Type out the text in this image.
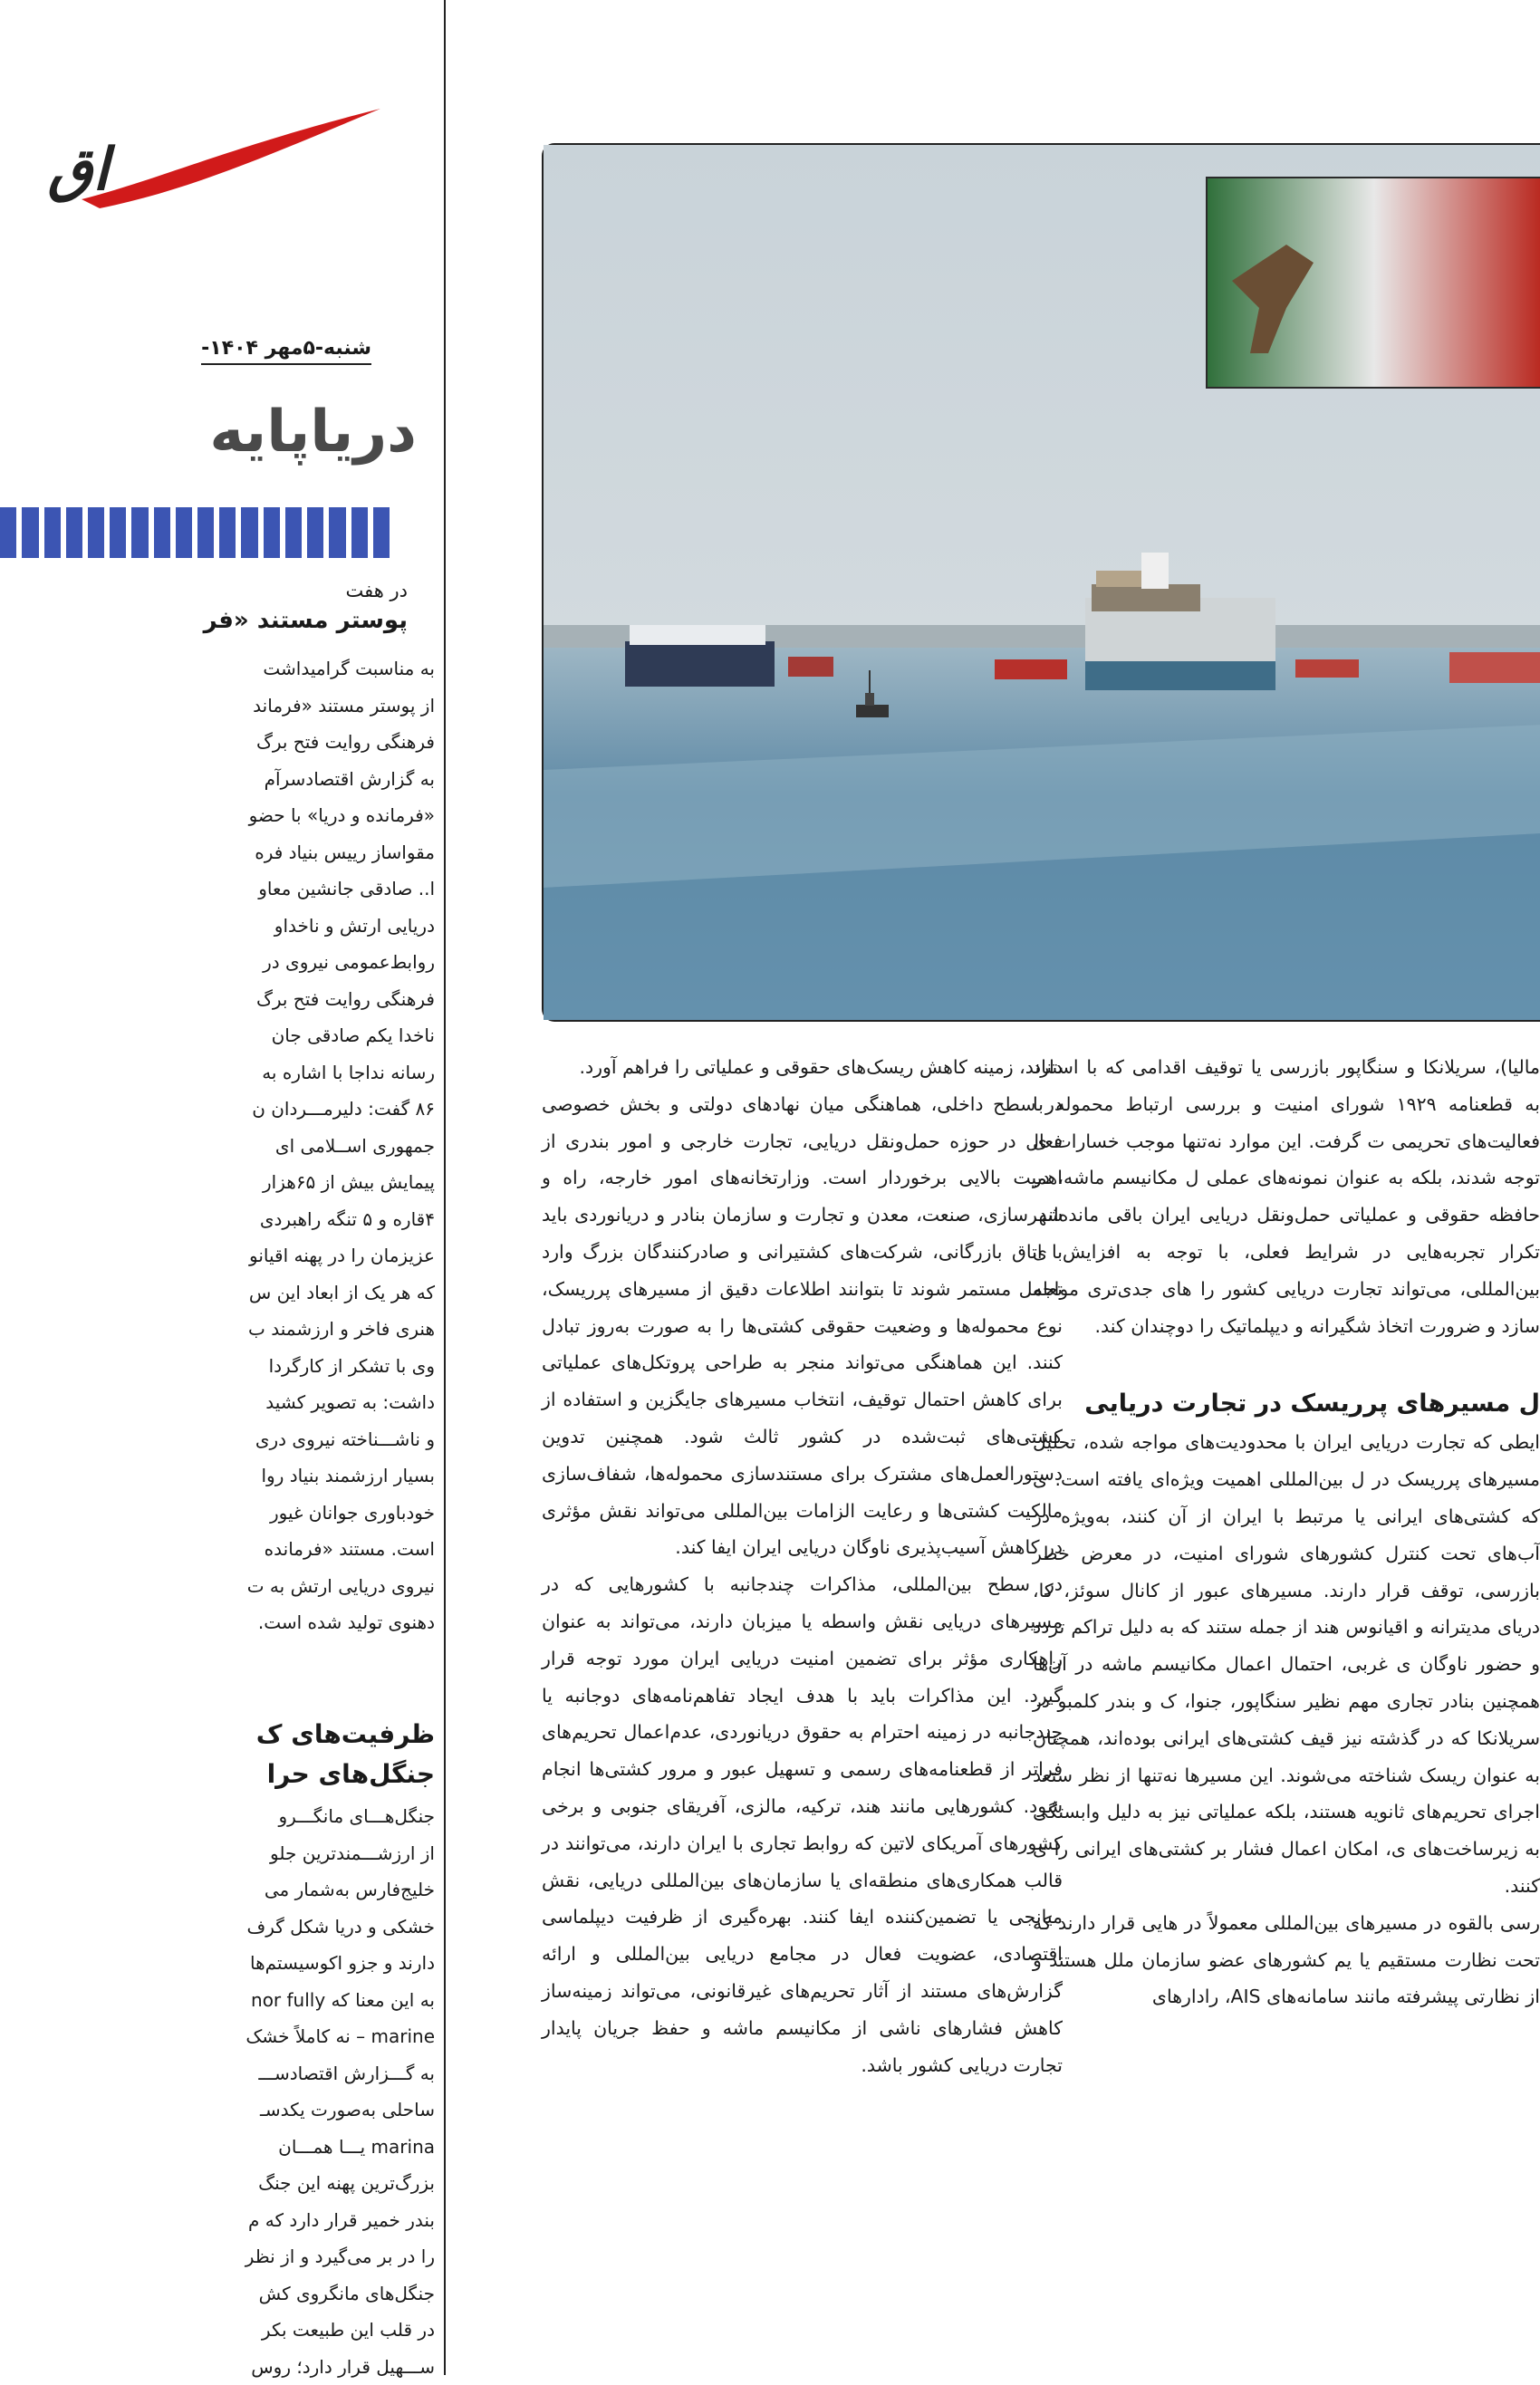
اق
شنبه-۵مهر ۱۴۰۴-
دریاپایه
در هفت
پوستر مستند «فر

به مناسبت گرامیداشت

از پوستر مستند «فرماند

فرهنگی روایت فتح برگ

به گزارش اقتصادسرآم

«فرمانده و دریا» با حضو

مقواساز رییس بنیاد فره

ا.. صادقی جانشین معاو

دریایی ارتش و ناخداو

روابط‌عمومی نیروی در

فرهنگی روایت فتح برگ

ناخدا یکم صادقی جان

رسانه نداجا با اشاره به

۸۶ گفت: دلیرمـــردان ن

جمهوری اســلامی ای

پیمایش بیش از ۶۵هزار

۴قاره و ۵ تنگه راهبردی

عزیزمان را در پهنه اقیانو

که هر یک از ابعاد این س

هنری فاخر و ارزشمند ب

وی با تشکر از کارگردا

داشت: به تصویر کشید

و ناشـــناخته نیروی دری

بسیار ارزشمند بنیاد روا

خودباوری جوانان غیور

است. مستند «فرمانده

نیروی دریایی ارتش به ت

دهنوی تولید شده است.

ظرفیت‌های ک
جنگل‌های حرا

جنگل‌هـــای مانگـــرو

از ارزشـــمندترین جلو

خلیج‌فارس به‌شمار می

خشکی و دریا شکل گرف

دارند و جزو اکوسیستم‌ها

به این معنا که nor fully

marine – نه کاملاً خشک

به گـــزارش اقتصادســـ

ساحلی به‌صورت یکدسـ

marina یـــا همـــان

بزرگ‌ترین پهنه این جنگ

بندر خمیر قرار دارد که م

را در بر می‌گیرد و از نظر

جنگل‌های مانگروی کش

در قلب این طبیعت بکر

ســـهیل قرار دارد؛ روس

دارند، زمینه کاهش ریسک‌های حقوقی و عملیاتی را فراهم آورد.

در سطح داخلی، هماهنگی میان نهادهای دولتی و بخش خصوصی فعال در حوزه حمل‌ونقل دریایی، تجارت خارجی و امور بندری از اهمیت بالایی برخوردار است. وزارتخانه‌های امور خارجه، راه و شهرسازی، صنعت، معدن و تجارت و سازمان بنادر و دریانوردی باید با اتاق بازرگانی، شرکت‌های کشتیرانی و صادرکنندگان بزرگ وارد تعامل مستمر شوند تا بتوانند اطلاعات دقیق از مسیرهای پرریسک، نوع محموله‌ها و وضعیت حقوقی کشتی‌ها را به صورت به‌روز تبادل کنند. این هماهنگی می‌تواند منجر به طراحی پروتکل‌های عملیاتی برای کاهش احتمال توقیف، انتخاب مسیرهای جایگزین و استفاده از کشتی‌های ثبت‌شده در کشور ثالث شود. همچنین تدوین دستورالعمل‌های مشترک برای مستندسازی محموله‌ها، شفاف‌سازی مالکیت کشتی‌ها و رعایت الزامات بین‌المللی می‌تواند نقش مؤثری در کاهش آسیب‌پذیری ناوگان دریایی ایران ایفا کند.

در سطح بین‌المللی، مذاکرات چندجانبه با کشورهایی که در مسیرهای دریایی نقش واسطه یا میزبان دارند، می‌تواند به عنوان راهکاری مؤثر برای تضمین امنیت دریایی ایران مورد توجه قرار گیرد. این مذاکرات باید با هدف ایجاد تفاهم‌نامه‌های دوجانبه یا چندجانبه در زمینه احترام به حقوق دریانوردی، عدم‌اعمال تحریم‌های فراتر از قطعنامه‌های رسمی و تسهیل عبور و مرور کشتی‌ها انجام شود. کشورهایی مانند هند، ترکیه، مالزی، آفریقای جنوبی و برخی کشورهای آمریکای لاتین که روابط تجاری با ایران دارند، می‌توانند در قالب همکاری‌های منطقه‌ای یا سازمان‌های بین‌المللی دریایی، نقش میانجی یا تضمین‌کننده ایفا کنند. بهره‌گیری از ظرفیت دیپلماسی اقتصادی، عضویت فعال در مجامع دریایی بین‌المللی و ارائه گزارش‌های مستند از آثار تحریم‌های غیرقانونی، می‌تواند زمینه‌ساز کاهش فشارهای ناشی از مکانیسم ماشه و حفظ جریان پایدار تجارت دریایی کشور باشد.

مالیا)، سریلانکا و سنگاپور بازرسی یا توقیف اقدامی که با استناد به قطعنامه ۱۹۲۹ شورای امنیت و بررسی ارتباط محموله با فعالیت‌های تحریمی ت گرفت. این موارد نه‌تنها موجب خسارات ی توجه شدند، بلکه به عنوان نمونه‌های عملی ل مکانیسم ماشه، در حافظه حقوقی و عملیاتی حمل‌ونقل دریایی ایران باقی مانده‌اند. تکرار تجربه‌هایی در شرایط فعلی، با توجه به افزایش ی بین‌المللی، می‌تواند تجارت دریایی کشور را های جدی‌تری مواجه سازد و ضرورت اتخاذ شگیرانه و دیپلماتیک را دوچندان کند.

ل مسیرهای پرریسک در تجارت دریایی

ایطی که تجارت دریایی ایران با محدودیت‌های مواجه شده، تحلیل مسیرهای پرریسک در ل بین‌المللی اهمیت ویژه‌ای یافته است. ی که کشتی‌های ایرانی یا مرتبط با ایران از آن کنند، به‌ویژه در آب‌های تحت کنترل کشورهای شورای امنیت، در معرض خطر بازرسی، توقف قرار دارند. مسیرهای عبور از کانال سوئز، کا، دریای مدیترانه و اقیانوس هند از جمله ستند که به دلیل تراکم تردد و حضور ناوگان ی غربی، احتمال اعمال مکانیسم ماشه در آن‌ها همچنین بنادر تجاری مهم نظیر سنگاپور، جنوا، ک و بندر کلمبو در سریلانکا که در گذشته نیز قیف کشتی‌های ایرانی بوده‌اند، همچنان به عنوان ریسک شناخته می‌شوند. این مسیرها نه‌تنها از نظر ستعد اجرای تحریم‌های ثانویه هستند، بلکه عملیاتی نیز به دلیل وابستگی به زیرساخت‌های ی، امکان اعمال فشار بر کشتی‌های ایرانی را ی کنند.

رسی بالقوه در مسیرهای بین‌المللی معمولاً در هایی قرار دارند که تحت نظارت مستقیم یا یم کشورهای عضو سازمان ملل هستند و از نظارتی پیشرفته مانند سامانه‌های AIS، رادارهای
